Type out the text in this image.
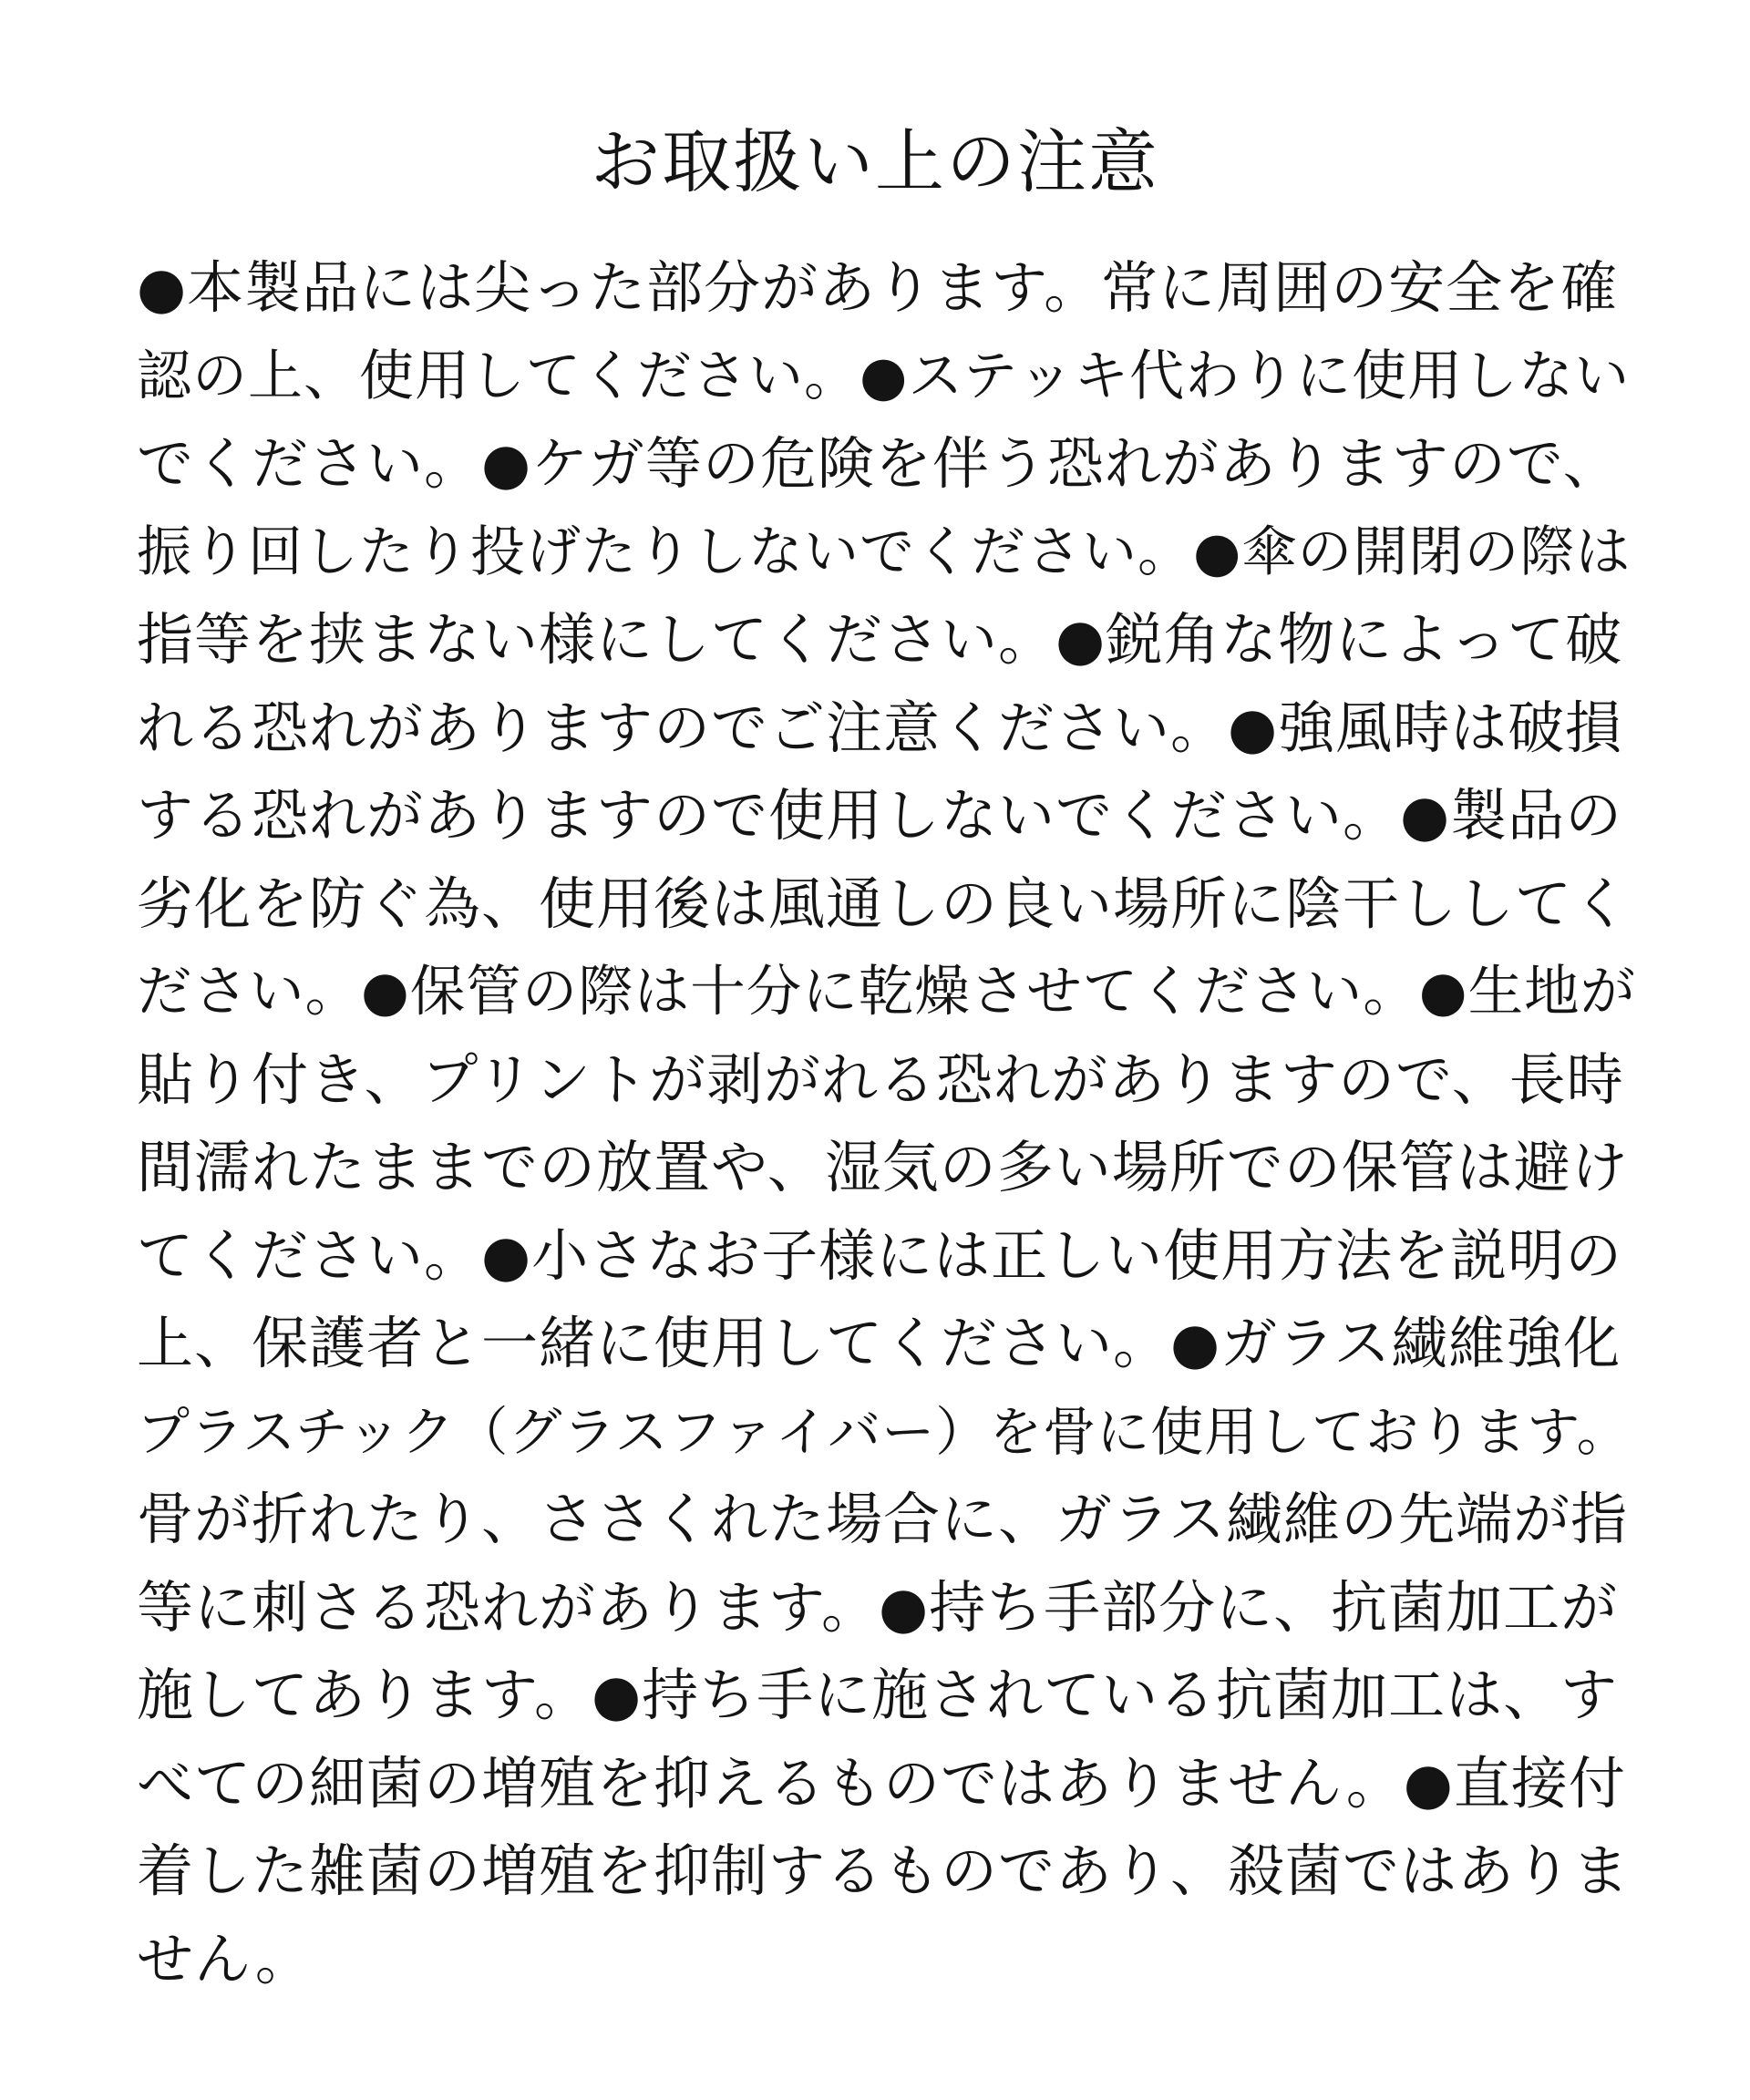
お取扱い上の注意
●本製品には尖った部分があります。常に周囲の安全を確
認の上、使用してください。●ステッキ代わりに使用しない
でください。●ケガ等の危険を伴う恐れがありますので、
振り回したり投げたりしないでください。●傘の開閉の際は
指等を挟まない様にしてください。●鋭角な物によって破
れる恐れがありますのでご注意ください。●強風時は破損
する恐れがありますので使用しないでください。●製品の
劣化を防ぐ為、使用後は風通しの良い場所に陰干ししてく
ださい。●保管の際は十分に乾燥させてください。●生地が
貼り付き、プリントが剥がれる恐れがありますので、長時
間濡れたままでの放置や、湿気の多い場所での保管は避け
てください。●小さなお子様には正しい使用方法を説明の
上、保護者と一緒に使用してください。●ガラス繊維強化
プラスチック（グラスファイバー）を骨に使用しております。
骨が折れたり、ささくれた場合に、ガラス繊維の先端が指
等に刺さる恐れがあります。●持ち手部分に、抗菌加工が
施してあります。●持ち手に施されている抗菌加工は、す
べての細菌の増殖を抑えるものではありません。●直接付
着した雑菌の増殖を抑制するものであり、殺菌ではありま
せん。
